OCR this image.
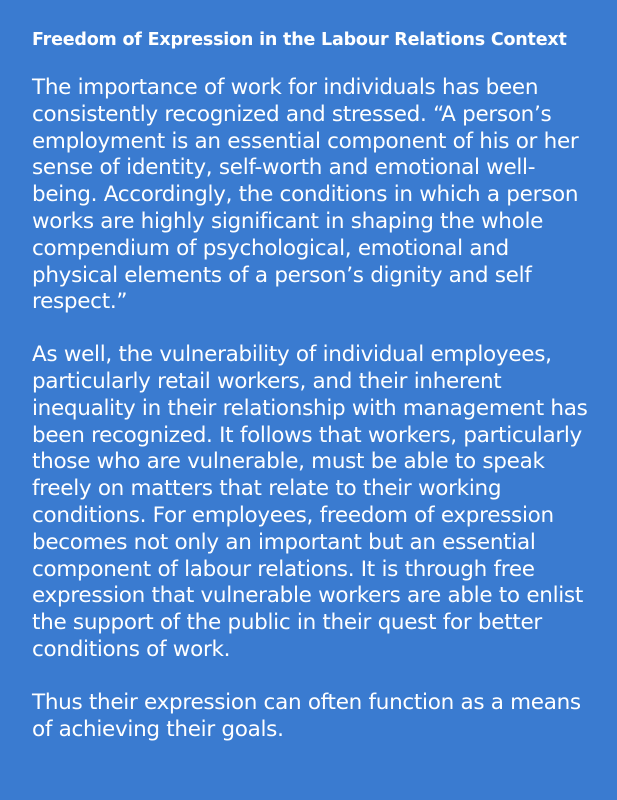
Freedom of Expression in the Labour Relations Context

The importance of work for individuals has been consistently recognized and stressed. “A person’s employment is an essential component of his or her sense of identity, self-worth and emotional well-being. Accordingly, the conditions in which a person works are highly significant in shaping the whole compendium of psychological, emotional and physical elements of a person’s dignity and self respect.”

As well, the vulnerability of individual employees, particularly retail workers, and their inherent inequality in their relationship with management has been recognized. It follows that workers, particularly those who are vulnerable, must be able to speak freely on matters that relate to their working conditions. For employees, freedom of expression becomes not only an important but an essential component of labour relations. It is through free expression that vulnerable workers are able to enlist the support of the public in their quest for better conditions of work.

Thus their expression can often function as a means of achieving their goals.
